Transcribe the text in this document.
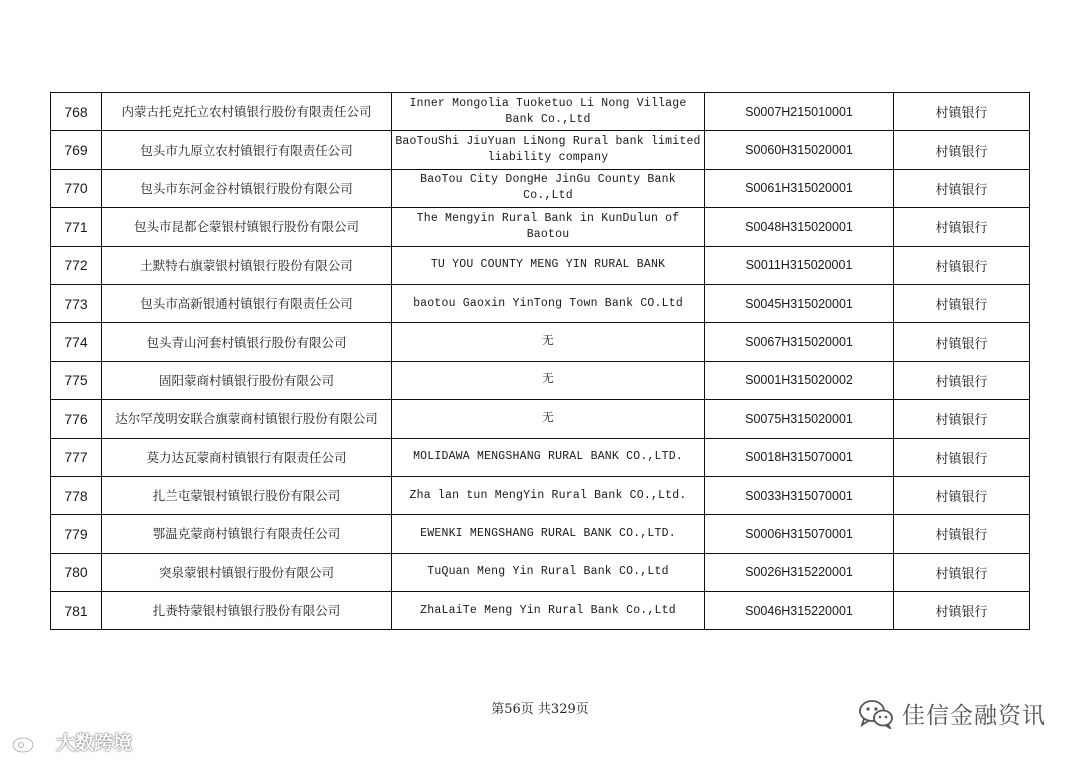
768	内蒙古托克托立农村镇银行股份有限责任公司	Inner Mongolia Tuoketuo Li Nong Village Bank Co.,Ltd	S0007H215010001	村镇银行
769	包头市九原立农村镇银行有限责任公司	BaoTouShi JiuYuan LiNong Rural bank limited liability company	S0060H315020001	村镇银行
770	包头市东河金谷村镇银行股份有限公司	BaoTou City DongHe JinGu County Bank Co.,Ltd	S0061H315020001	村镇银行
771	包头市昆都仑蒙银村镇银行股份有限公司	The Mengyin Rural Bank in KunDulun of Baotou	S0048H315020001	村镇银行
772	土默特右旗蒙银村镇银行股份有限公司	TU YOU COUNTY MENG YIN RURAL BANK	S0011H315020001	村镇银行
773	包头市高新银通村镇银行有限责任公司	baotou Gaoxin YinTong Town Bank CO.Ltd	S0045H315020001	村镇银行
774	包头青山河套村镇银行股份有限公司	无	S0067H315020001	村镇银行
775	固阳蒙商村镇银行股份有限公司	无	S0001H315020002	村镇银行
776	达尔罕茂明安联合旗蒙商村镇银行股份有限公司	无	S0075H315020001	村镇银行
777	莫力达瓦蒙商村镇银行有限责任公司	MOLIDAWA MENGSHANG RURAL BANK CO.,LTD.	S0018H315070001	村镇银行
778	扎兰屯蒙银村镇银行股份有限公司	Zha lan tun MengYin Rural Bank CO.,Ltd.	S0033H315070001	村镇银行
779	鄂温克蒙商村镇银行有限责任公司	EWENKI MENGSHANG RURAL BANK CO.,LTD.	S0006H315070001	村镇银行
780	突泉蒙银村镇银行股份有限公司	TuQuan Meng Yin Rural Bank CO.,Ltd	S0026H315220001	村镇银行
781	扎赉特蒙银村镇银行股份有限公司	ZhaLaiTe Meng Yin Rural Bank Co.,Ltd	S0046H315220001	村镇银行
第56页 共329页	佳信金融资讯
大数跨境
